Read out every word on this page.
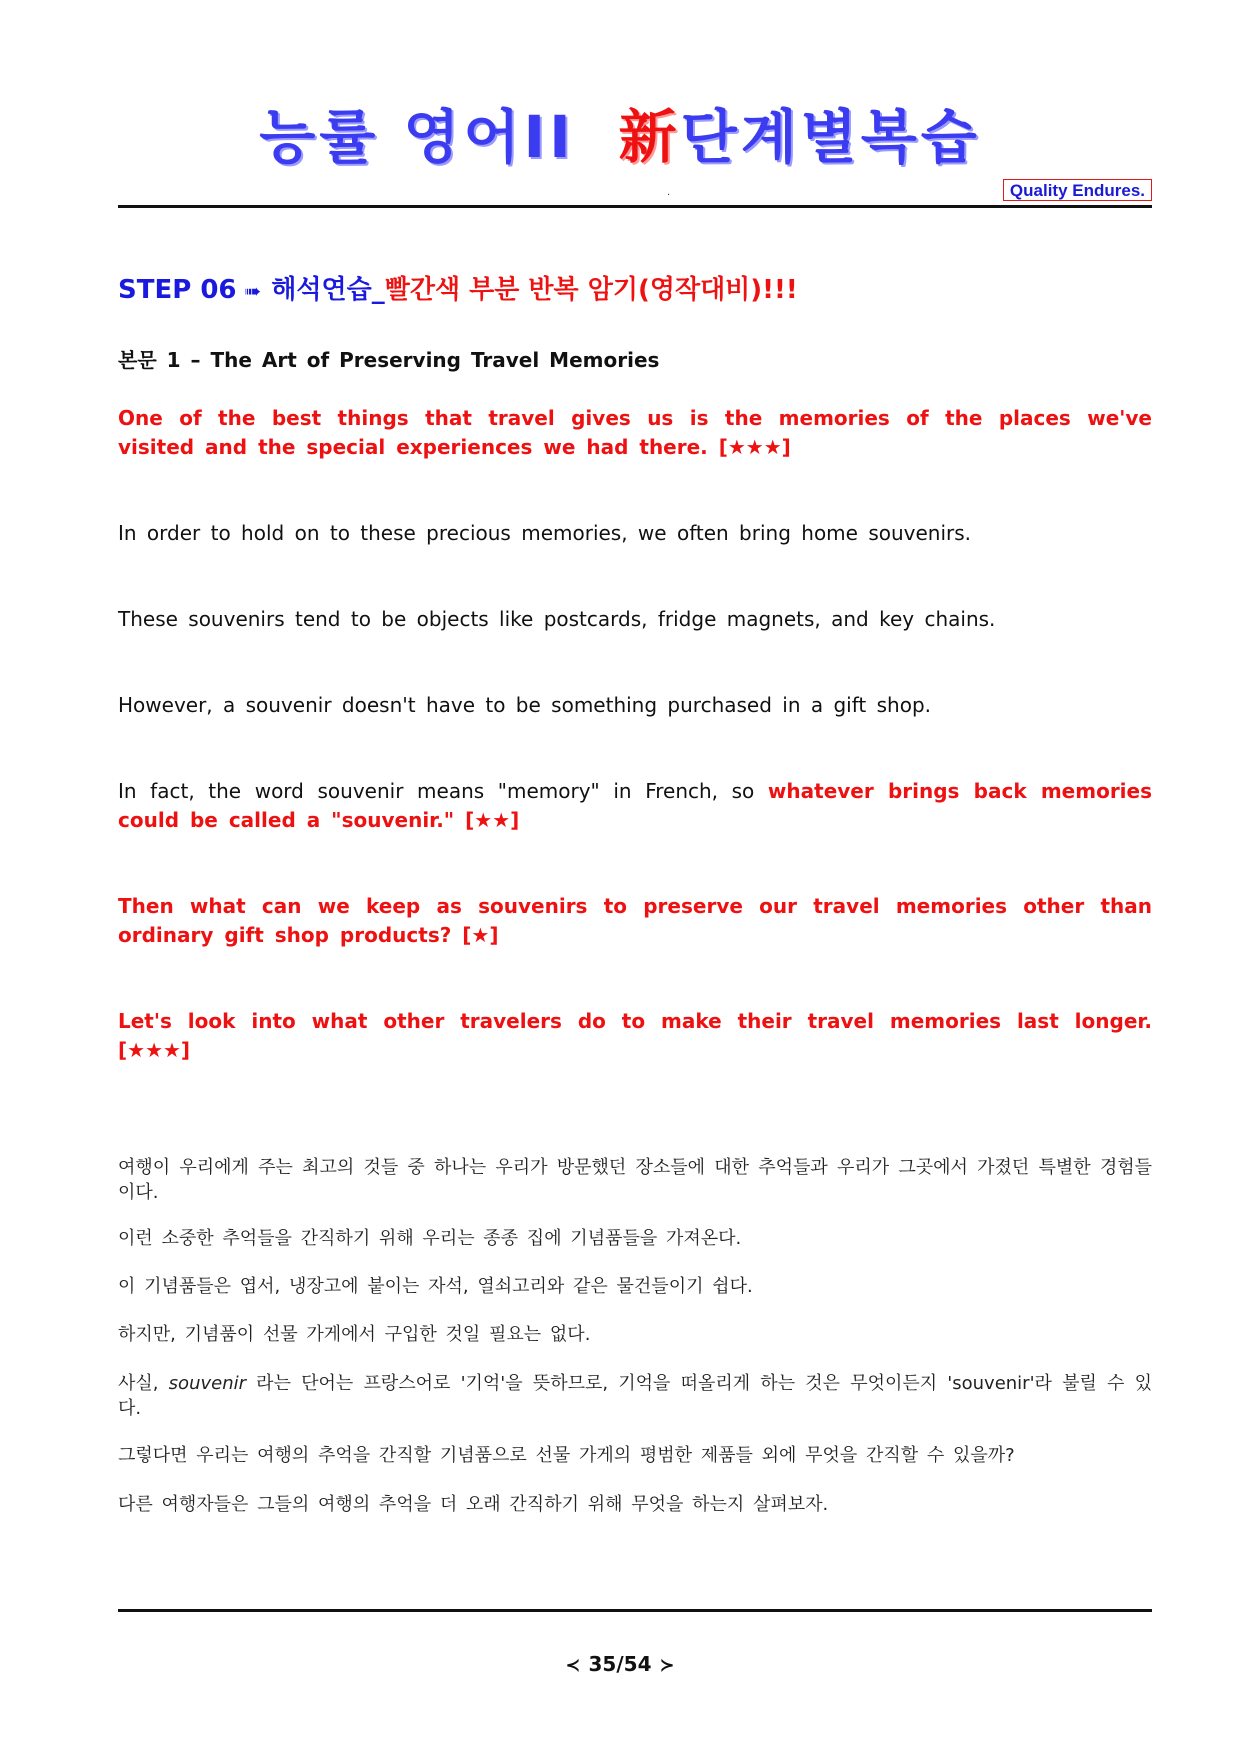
능률 영어II 新단계별복습
.	Quality Endures.
STEP 06 ➠ 해석연습_빨간색 부분 반복 암기(영작대비)!!!
본문 1 – The Art of Preserving Travel Memories
One of the best things that travel gives us is the memories of the places we've visited and the special experiences we had there. [★★★]
In order to hold on to these precious memories, we often bring home souvenirs.
These souvenirs tend to be objects like postcards, fridge magnets, and key chains.
However, a souvenir doesn't have to be something purchased in a gift shop.
In fact, the word souvenir means "memory" in French, so whatever brings back memories could be called a "souvenir." [★★]
Then what can we keep as souvenirs to preserve our travel memories other than ordinary gift shop products? [★]
Let's look into what other travelers do to make their travel memories last longer. [★★★]
여행이 우리에게 주는 최고의 것들 중 하나는 우리가 방문했던 장소들에 대한 추억들과 우리가 그곳에서 가졌던 특별한 경험들이다.
이런 소중한 추억들을 간직하기 위해 우리는 종종 집에 기념품들을 가져온다.
이 기념품들은 엽서, 냉장고에 붙이는 자석, 열쇠고리와 같은 물건들이기 쉽다.
하지만, 기념품이 선물 가게에서 구입한 것일 필요는 없다.
사실, souvenir 라는 단어는 프랑스어로 '기억'을 뜻하므로, 기억을 떠올리게 하는 것은 무엇이든지 'souvenir'라 불릴 수 있다.
그렇다면 우리는 여행의 추억을 간직할 기념품으로 선물 가게의 평범한 제품들 외에 무엇을 간직할 수 있을까?
다른 여행자들은 그들의 여행의 추억을 더 오래 간직하기 위해 무엇을 하는지 살펴보자.
≺ 35/54 ≻
